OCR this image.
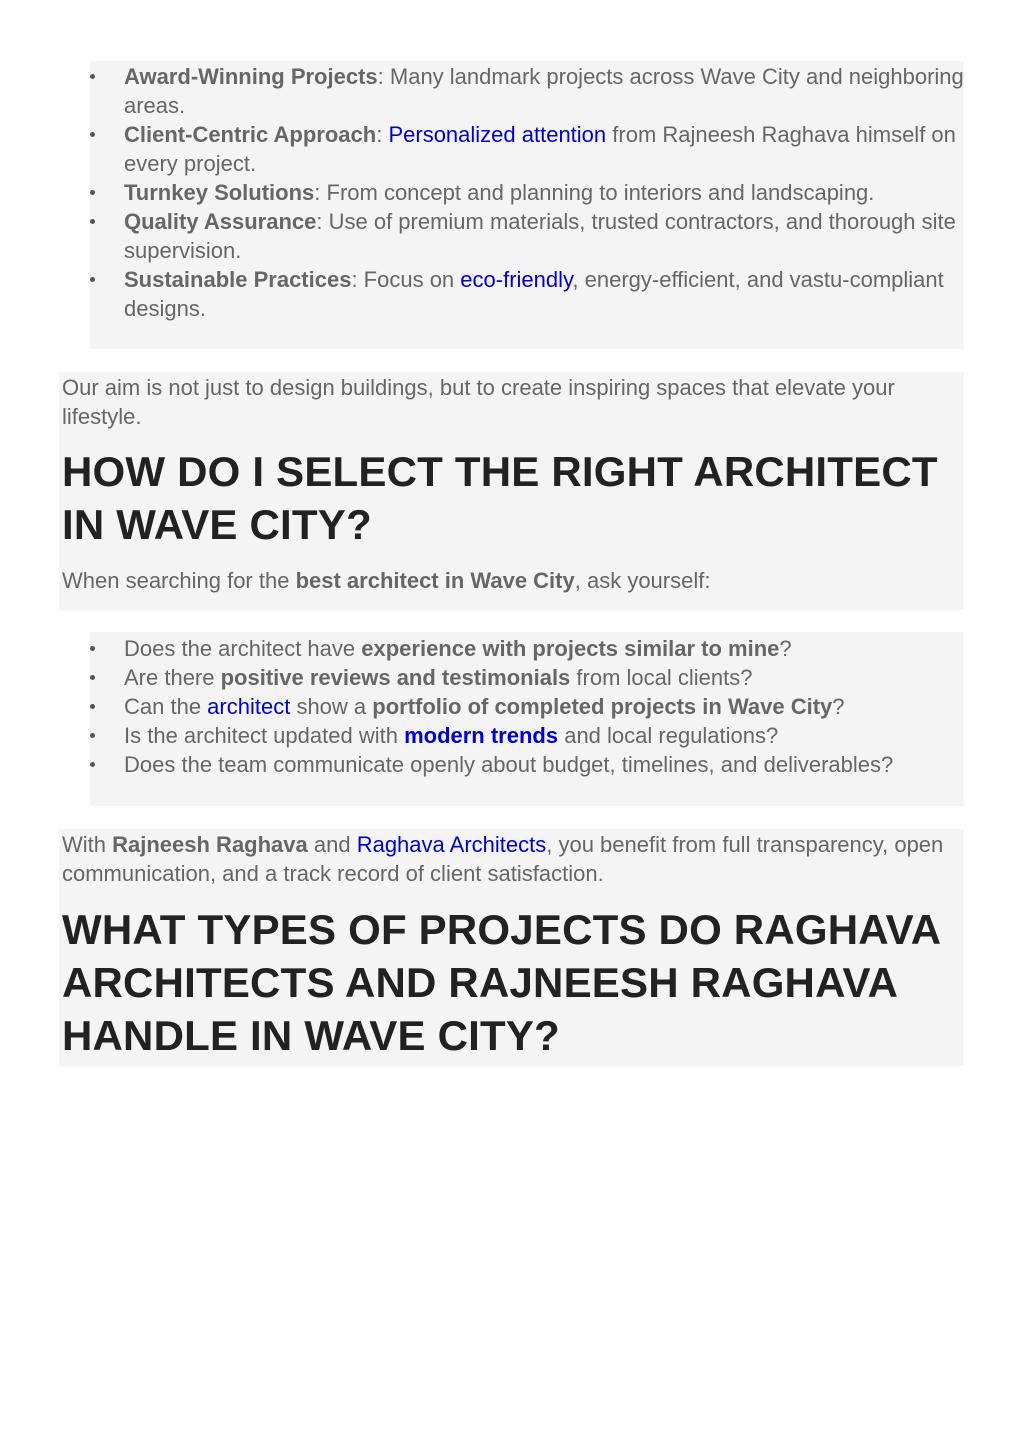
Award-Winning Projects: Many landmark projects across Wave City and neighboring areas.
Client-Centric Approach: Personalized attention from Rajneesh Raghava himself on every project.
Turnkey Solutions: From concept and planning to interiors and landscaping.
Quality Assurance: Use of premium materials, trusted contractors, and thorough site supervision.
Sustainable Practices: Focus on eco-friendly, energy-efficient, and vastu-compliant designs.

Our aim is not just to design buildings, but to create inspiring spaces that elevate your lifestyle.

HOW DO I SELECT THE RIGHT ARCHITECT IN WAVE CITY?

When searching for the best architect in Wave City, ask yourself:

Does the architect have experience with projects similar to mine?
Are there positive reviews and testimonials from local clients?
Can the architect show a portfolio of completed projects in Wave City?
Is the architect updated with modern trends and local regulations?
Does the team communicate openly about budget, timelines, and deliverables?

With Rajneesh Raghava and Raghava Architects, you benefit from full transparency, open communication, and a track record of client satisfaction.

WHAT TYPES OF PROJECTS DO RAGHAVA ARCHITECTS AND RAJNEESH RAGHAVA HANDLE IN WAVE CITY?
